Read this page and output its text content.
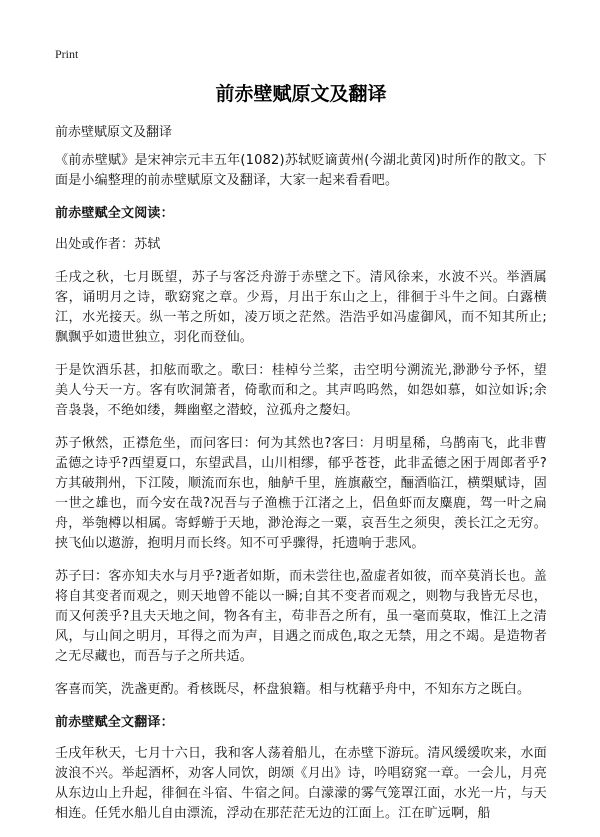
Print
前赤壁赋原文及翻译

前赤壁赋原文及翻译

《前赤壁赋》是宋神宗元丰五年(1082)苏轼贬谪黄州(今湖北黄冈)时所作的散文。下面是小编整理的前赤壁赋原文及翻译，大家一起来看看吧。

前赤壁赋全文阅读：

出处或作者：苏轼

壬戌之秋，七月既望，苏子与客泛舟游于赤壁之下。清风徐来，水波不兴。举酒属客，诵明月之诗，歌窈窕之章。少焉，月出于东山之上，徘徊于斗牛之间。白露横江，水光接天。纵一苇之所如，凌万顷之茫然。浩浩乎如冯虚御风，而不知其所止;飘飘乎如遗世独立，羽化而登仙。

于是饮酒乐甚，扣舷而歌之。歌曰：桂棹兮兰桨，击空明兮溯流光,渺渺兮予怀，望美人兮天一方。客有吹洞箫者，倚歌而和之。其声呜呜然，如怨如慕，如泣如诉;余音袅袅，不绝如缕，舞幽壑之潜蛟，泣孤舟之嫠妇。

苏子愀然，正襟危坐，而问客曰：何为其然也?客曰：月明星稀，乌鹊南飞，此非曹孟德之诗乎?西望夏口，东望武昌，山川相缪，郁乎苍苍，此非孟德之困于周郎者乎?方其破荆州，下江陵，顺流而东也，舳舻千里，旌旗蔽空，酾酒临江，横槊赋诗，固一世之雄也，而今安在哉?况吾与子渔樵于江渚之上，侣鱼虾而友麋鹿，驾一叶之扁舟，举匏樽以相属。寄蜉蝣于天地，渺沧海之一粟，哀吾生之须臾，羡长江之无穷。挟飞仙以遨游，抱明月而长终。知不可乎骤得，托遗响于悲风。

苏子曰：客亦知夫水与月乎?逝者如斯，而未尝往也,盈虚者如彼，而卒莫消长也。盖将自其变者而观之，则天地曾不能以一瞬;自其不变者而观之，则物与我皆无尽也，而又何羡乎?且夫天地之间，物各有主，苟非吾之所有，虽一毫而莫取，惟江上之清风，与山间之明月，耳得之而为声，目遇之而成色,取之无禁，用之不竭。是造物者之无尽藏也，而吾与子之所共适。

客喜而笑，洗盏更酌。肴核既尽，杯盘狼籍。相与枕藉乎舟中，不知东方之既白。

前赤壁赋全文翻译：

壬戌年秋天，七月十六日，我和客人荡着船儿，在赤壁下游玩。清风缓缓吹来，水面波浪不兴。举起酒杯，劝客人同饮，朗颂《月出》诗，吟唱窈窕一章。一会儿，月亮从东边山上升起，徘徊在斗宿、牛宿之间。白濛濛的雾气笼罩江面，水光一片，与天相连。任凭水船儿自由漂流，浮动在那茫茫无边的江面上。江在旷远啊，船
